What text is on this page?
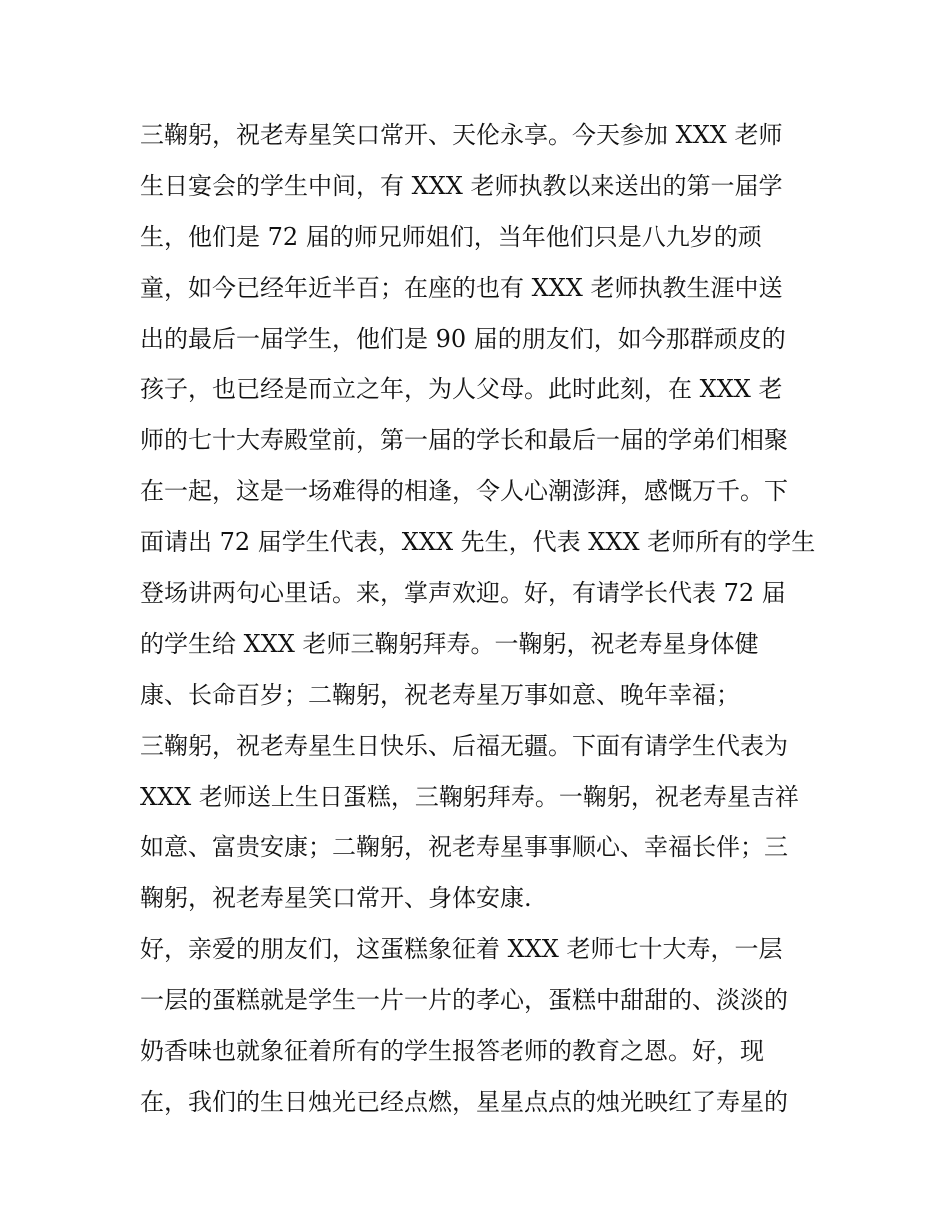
三鞠躬，祝老寿星笑口常开、天伦永享。今天参加 XXX 老师
生日宴会的学生中间，有 XXX 老师执教以来送出的第一届学
生，他们是 72 届的师兄师姐们，当年他们只是八九岁的顽
童，如今已经年近半百；在座的也有 XXX 老师执教生涯中送
出的最后一届学生，他们是 90 届的朋友们，如今那群顽皮的
孩子，也已经是而立之年，为人父母。此时此刻，在 XXX 老
师的七十大寿殿堂前，第一届的学长和最后一届的学弟们相聚
在一起，这是一场难得的相逢，令人心潮澎湃，感慨万千。下
面请出 72 届学生代表，XXX 先生，代表 XXX 老师所有的学生
登场讲两句心里话。来，掌声欢迎。好，有请学长代表 72 届
的学生给 XXX 老师三鞠躬拜寿。一鞠躬，祝老寿星身体健
康、长命百岁；二鞠躬，祝老寿星万事如意、晚年幸福；
三鞠躬，祝老寿星生日快乐、后福无疆。下面有请学生代表为
XXX 老师送上生日蛋糕，三鞠躬拜寿。一鞠躬，祝老寿星吉祥
如意、富贵安康；二鞠躬，祝老寿星事事顺心、幸福长伴；三
鞠躬，祝老寿星笑口常开、身体安康.
好，亲爱的朋友们，这蛋糕象征着 XXX 老师七十大寿，一层
一层的蛋糕就是学生一片一片的孝心，蛋糕中甜甜的、淡淡的
奶香味也就象征着所有的学生报答老师的教育之恩。好，现
在，我们的生日烛光已经点燃，星星点点的烛光映红了寿星的
